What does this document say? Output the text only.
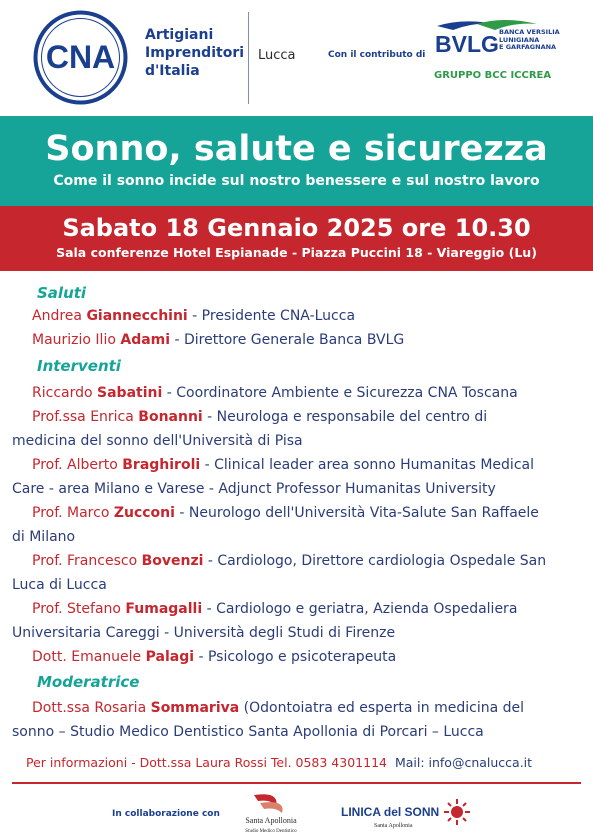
CNA
Artigiani
Imprenditori
d'Italia
Lucca	Con il contributo di BVLG BANCA VERSILIA
LUNIGIANA
E GARFAGNANA
GRUPPO BCC ICCREA
Sonno, salute e sicurezza
Come il sonno incide sul nostro benessere e sul nostro lavoro
Sabato 18 Gennaio 2025 ore 10.30
Sala conferenze Hotel Espianade - Piazza Puccini 18 - Viareggio (Lu)
Saluti
Andrea Giannecchini - Presidente CNA-Lucca
Maurizio Ilio Adami - Direttore Generale Banca BVLG
Interventi
Riccardo Sabatini - Coordinatore Ambiente e Sicurezza CNA Toscana
Prof.ssa Enrica Bonanni - Neurologa e responsabile del centro di
medicina del sonno dell'Università di Pisa
Prof. Alberto Braghiroli - Clinical leader area sonno Humanitas Medical
Care - area Milano e Varese - Adjunct Professor Humanitas University
Prof. Marco Zucconi - Neurologo dell'Università Vita-Salute San Raffaele
di Milano
Prof. Francesco Bovenzi - Cardiologo, Direttore cardiologia Ospedale San
Luca di Lucca
Prof. Stefano Fumagalli - Cardiologo e geriatra, Azienda Ospedaliera
Universitaria Careggi - Università degli Studi di Firenze
Dott. Emanuele Palagi - Psicologo e psicoterapeuta
Moderatrice
Dott.ssa Rosaria Sommariva (Odontoiatra ed esperta in medicina del
sonno – Studio Medico Dentistico Santa Apollonia di Porcari – Lucca
Per informazioni - Dott.ssa Laura Rossi Tel. 0583 4301114 Mail: info@cnalucca.it
In collaborazione con
Santa Apollonia
Studio Medico Dentistico
LINICA del SONN
Santa Apollonia
